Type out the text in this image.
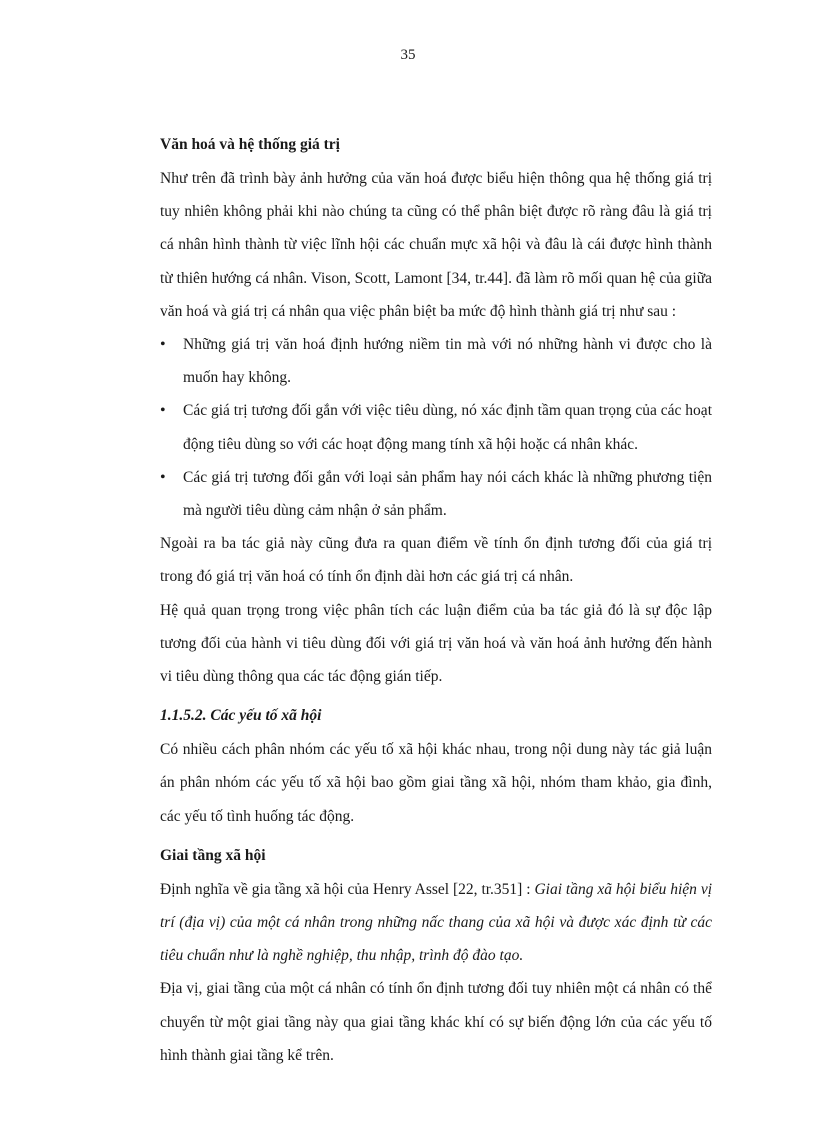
35

Văn hoá và hệ thống giá trị

Như trên đã trình bày ảnh hưởng của văn hoá được biểu hiện thông qua hệ thống giá trị tuy nhiên không phải khi nào chúng ta cũng có thể phân biệt được rõ ràng đâu là giá trị cá nhân hình thành từ việc lĩnh hội các chuẩn mực xã hội và đâu là cái được hình thành từ thiên hướng cá nhân. Vison, Scott, Lamont [34, tr.44]. đã làm rõ mối quan hệ của giữa văn hoá và giá trị cá nhân qua việc phân biệt ba mức độ hình thành giá trị như sau :

• Những giá trị văn hoá định hướng niềm tin mà với nó những hành vi được cho là muốn hay không.
• Các giá trị tương đối gắn với việc tiêu dùng, nó xác định tầm quan trọng của các hoạt động tiêu dùng so với các hoạt động mang tính xã hội hoặc cá nhân khác.
• Các giá trị tương đối gắn với loại sản phẩm hay nói cách khác là những phương tiện mà người tiêu dùng cảm nhận ở sản phẩm.

Ngoài ra ba tác giả này cũng đưa ra quan điểm về tính ổn định tương đối của giá trị trong đó giá trị văn hoá có tính ổn định dài hơn các giá trị cá nhân.

Hệ quả quan trọng trong việc phân tích các luận điểm của ba tác giả đó là sự độc lập tương đối của hành vi tiêu dùng đối với giá trị văn hoá và văn hoá ảnh hưởng đến hành vi tiêu dùng thông qua các tác động gián tiếp.

1.1.5.2. Các yếu tố xã hội

Có nhiều cách phân nhóm các yếu tố xã hội khác nhau, trong nội dung này tác giả luận án phân nhóm các yếu tố xã hội bao gồm giai tầng xã hội, nhóm tham khảo, gia đình, các yếu tố tình huống tác động.

Giai tầng xã hội

Định nghĩa về gia tầng xã hội của Henry Assel [22, tr.351] : Giai tầng xã hội biểu hiện vị trí (địa vị) của một cá nhân trong những nấc thang của xã hội và được xác định từ các tiêu chuẩn như là nghề nghiệp, thu nhập, trình độ đào tạo.

Địa vị, giai tầng của một cá nhân có tính ổn định tương đối tuy nhiên một cá nhân có thể chuyển từ một giai tầng này qua giai tầng khác khí có sự biến động lớn của các yếu tố hình thành giai tầng kể trên.
